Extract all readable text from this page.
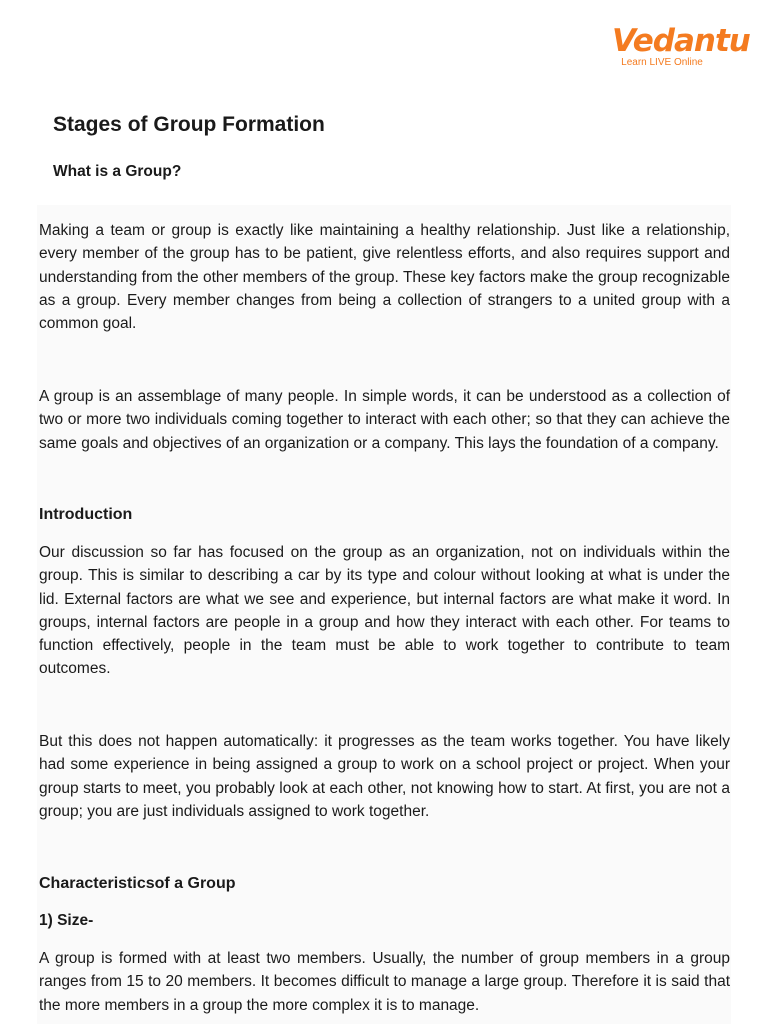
Vedantu
Learn LIVE Online
Stages of Group Formation
What is a Group?

Making a team or group is exactly like maintaining a healthy relationship. Just like a relationship, every member of the group has to be patient, give relentless efforts, and also requires support and understanding from the other members of the group. These key factors make the group recognizable as a group. Every member changes from being a collection of strangers to a united group with a common goal.

A group is an assemblage of many people. In simple words, it can be understood as a collection of two or more two individuals coming together to interact with each other; so that they can achieve the same goals and objectives of an organization or a company. This lays the foundation of a company.

Introduction

Our discussion so far has focused on the group as an organization, not on individuals within the group. This is similar to describing a car by its type and colour without looking at what is under the lid. External factors are what we see and experience, but internal factors are what make it word. In groups, internal factors are people in a group and how they interact with each other. For teams to function effectively, people in the team must be able to work together to contribute to team outcomes.

But this does not happen automatically: it progresses as the team works together. You have likely had some experience in being assigned a group to work on a school project or project. When your group starts to meet, you probably look at each other, not knowing how to start. At first, you are not a group; you are just individuals assigned to work together.

Characteristicsof a Group
1) Size-

A group is formed with at least two members. Usually, the number of group members in a group ranges from 15 to 20 members. It becomes difficult to manage a large group. Therefore it is said that the more members in a group the more complex it is to manage.
